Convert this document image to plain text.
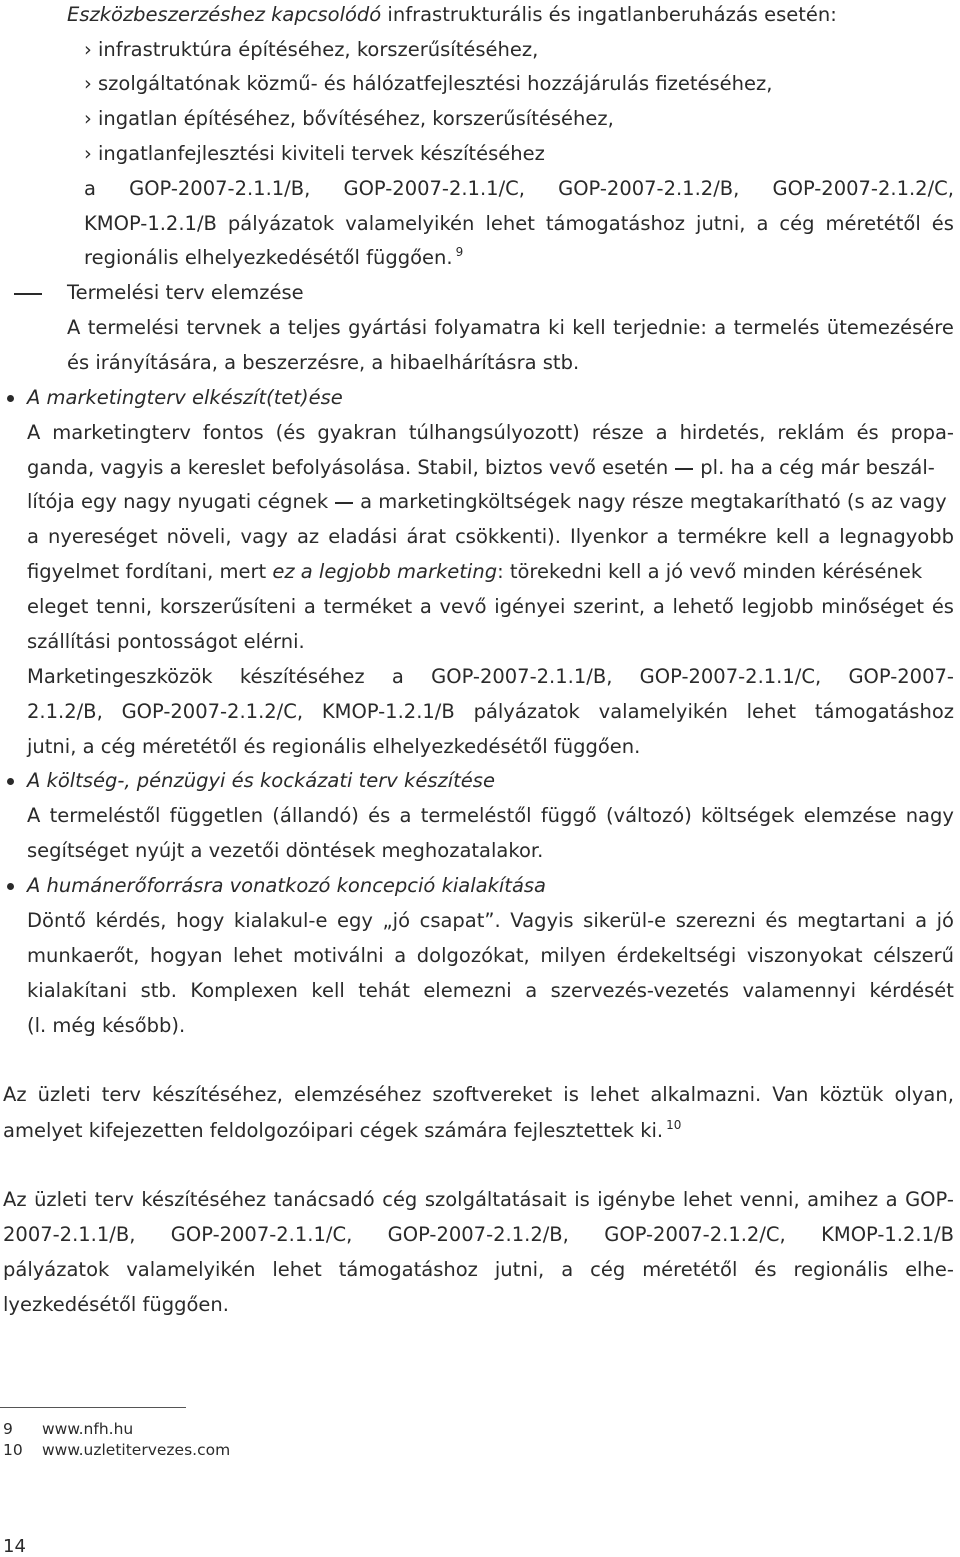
Eszközbeszerzéshez kapcsolódó infrastrukturális és ingatlanberuházás esetén:
› infrastruktúra építéséhez, korszerűsítéséhez,
› szolgáltatónak közmű- és hálózatfejlesztési hozzájárulás fizetéséhez,
› ingatlan építéséhez, bővítéséhez, korszerűsítéséhez,
› ingatlanfejlesztési kiviteli tervek készítéséhez
a GOP-2007-2.1.1/B, GOP-2007-2.1.1/C, GOP-2007-2.1.2/B, GOP-2007-2.1.2/C,
KMOP-1.2.1/B pályázatok valamelyikén lehet támogatáshoz jutni, a cég méretétől és
regionális elhelyezkedésétől függően. $^9$
Termelési terv elemzése
A termelési tervnek a teljes gyártási folyamatra ki kell terjednie: a termelés ütemezésére
és irányítására, a beszerzésre, a hibaelhárításra stb.
A marketingterv elkészít(tet)ése
A marketingterv fontos (és gyakran túlhangsúlyozott) része a hirdetés, reklám és propa-
ganda, vagyis a kereslet befolyásolása. Stabil, biztos vevő esetén pl. ha a cég már beszál-
lítója egy nagy nyugati cégnek a marketingköltségek nagy része megtakarítható (s az vagy
a nyereséget növeli, vagy az eladási árat csökkenti). Ilyenkor a termékre kell a legnagyobb
figyelmet fordítani, mert ez a legjobb marketing: törekedni kell a jó vevő minden kérésének
eleget tenni, korszerűsíteni a terméket a vevő igényei szerint, a lehető legjobb minőséget és
szállítási pontosságot elérni.
Marketingeszközök készítéséhez a GOP-2007-2.1.1/B, GOP-2007-2.1.1/C, GOP-2007-
2.1.2/B, GOP-2007-2.1.2/C, KMOP-1.2.1/B pályázatok valamelyikén lehet támogatáshoz
jutni, a cég méretétől és regionális elhelyezkedésétől függően.
A költség-, pénzügyi és kockázati terv készítése
A termeléstől független (állandó) és a termeléstől függő (változó) költségek elemzése nagy
segítséget nyújt a vezetői döntések meghozatalakor.
A humánerőforrásra vonatkozó koncepció kialakítása
Döntő kérdés, hogy kialakul-e egy „jó csapat”. Vagyis sikerül-e szerezni és megtartani a jó
munkaerőt, hogyan lehet motiválni a dolgozókat, milyen érdekeltségi viszonyokat célszerű
kialakítani stb. Komplexen kell tehát elemezni a szervezés-vezetés valamennyi kérdését
(l. még később).
Az üzleti terv készítéséhez, elemzéséhez szoftvereket is lehet alkalmazni. Van köztük olyan,
amelyet kifejezetten feldolgozóipari cégek számára fejlesztettek ki. $^{10}$
Az üzleti terv készítéséhez tanácsadó cég szolgáltatásait is igénybe lehet venni, amihez a GOP-
2007-2.1.1/B, GOP-2007-2.1.1/C, GOP-2007-2.1.2/B, GOP-2007-2.1.2/C, KMOP-1.2.1/B
pályázatok valamelyikén lehet támogatáshoz jutni, a cég méretétől és regionális elhe-
lyezkedésétől függően.
9 www.nfh.hu
10 www.uzletitervezes.com
14
